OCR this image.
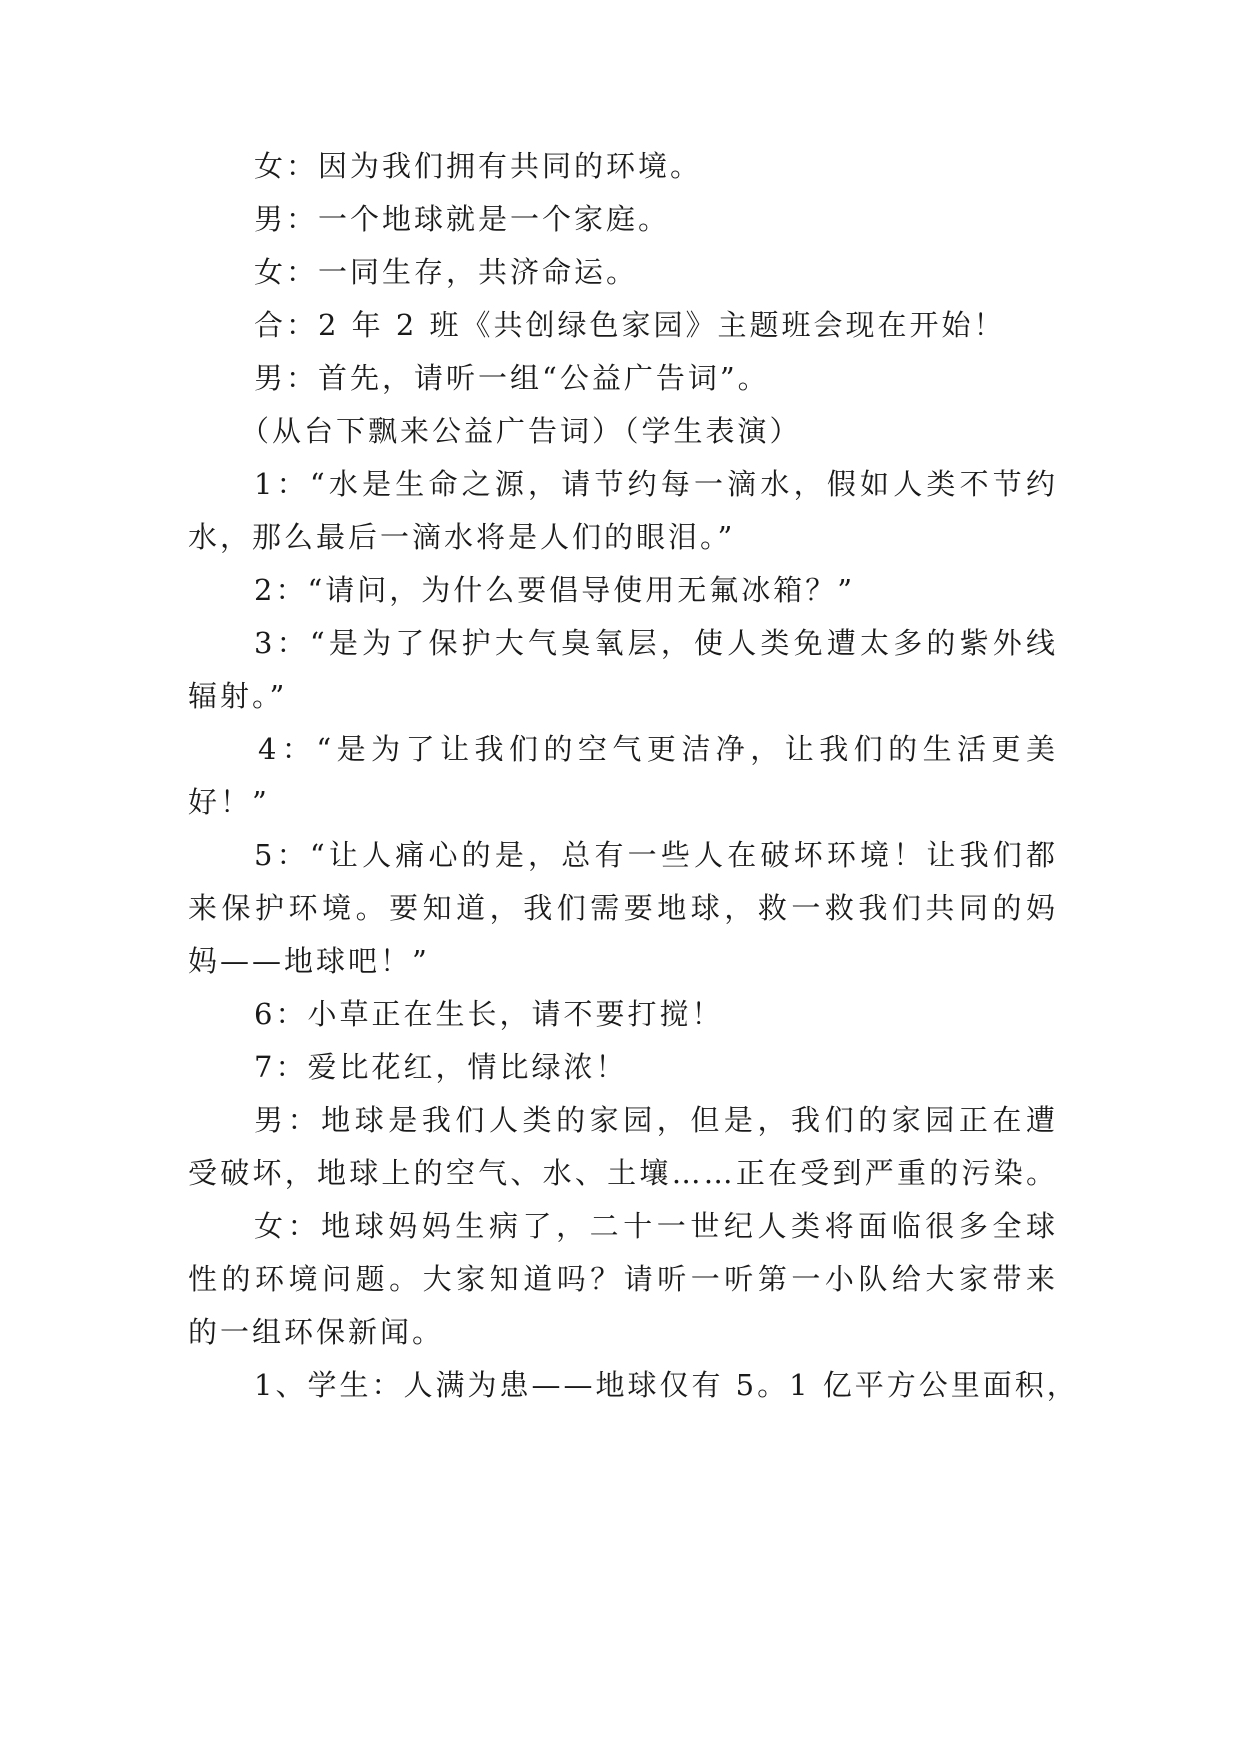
女：因为我们拥有共同的环境。
男：一个地球就是一个家庭。
女：一同生存，共济命运。
合：2 年 2 班《共创绿色家园》主题班会现在开始！
男：首先，请听一组“公益广告词”。
（从台下飘来公益广告词）（学生表演）
1：“水是生命之源，请节约每一滴水，假如人类不节约
水，那么最后一滴水将是人们的眼泪。”
2：“请问，为什么要倡导使用无氟冰箱？”
3：“是为了保护大气臭氧层，使人类免遭太多的紫外线
辐射。”
4：“是为了让我们的空气更洁净，让我们的生活更美
好！”
5：“让人痛心的是，总有一些人在破坏环境！让我们都
来保护环境。要知道，我们需要地球，救一救我们共同的妈
妈——地球吧！”
6：小草正在生长，请不要打搅！
7：爱比花红，情比绿浓！
男：地球是我们人类的家园，但是，我们的家园正在遭
受破坏，地球上的空气、水、土壤……正在受到严重的污染。
女：地球妈妈生病了，二十一世纪人类将面临很多全球
性的环境问题。大家知道吗？请听一听第一小队给大家带来
的一组环保新闻。
1、学生：人满为患——地球仅有 5。1 亿平方公里面积，
